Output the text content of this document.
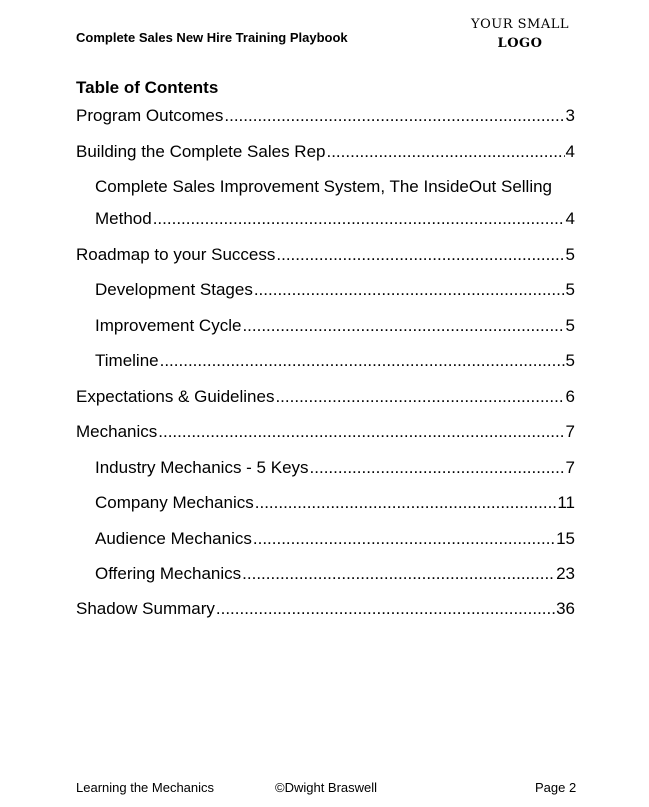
Complete Sales New Hire Training Playbook
YOUR SMALL
LOGO
Table of Contents
Program Outcomes .....	3
Building the Complete Sales Rep .....	4
Complete Sales Improvement System, The InsideOut Selling
Method .....	4
Roadmap to your Success .....	5
Development Stages .....	5
Improvement Cycle .....	5
Timeline .....	5
Expectations & Guidelines .....	6
Mechanics .....	7
Industry Mechanics - 5 Keys .....	7
Company Mechanics .....	11
Audience Mechanics .....	15
Offering Mechanics .....	23
Shadow Summary .....	36
Learning the Mechanics	©Dwight Braswell	Page 2
